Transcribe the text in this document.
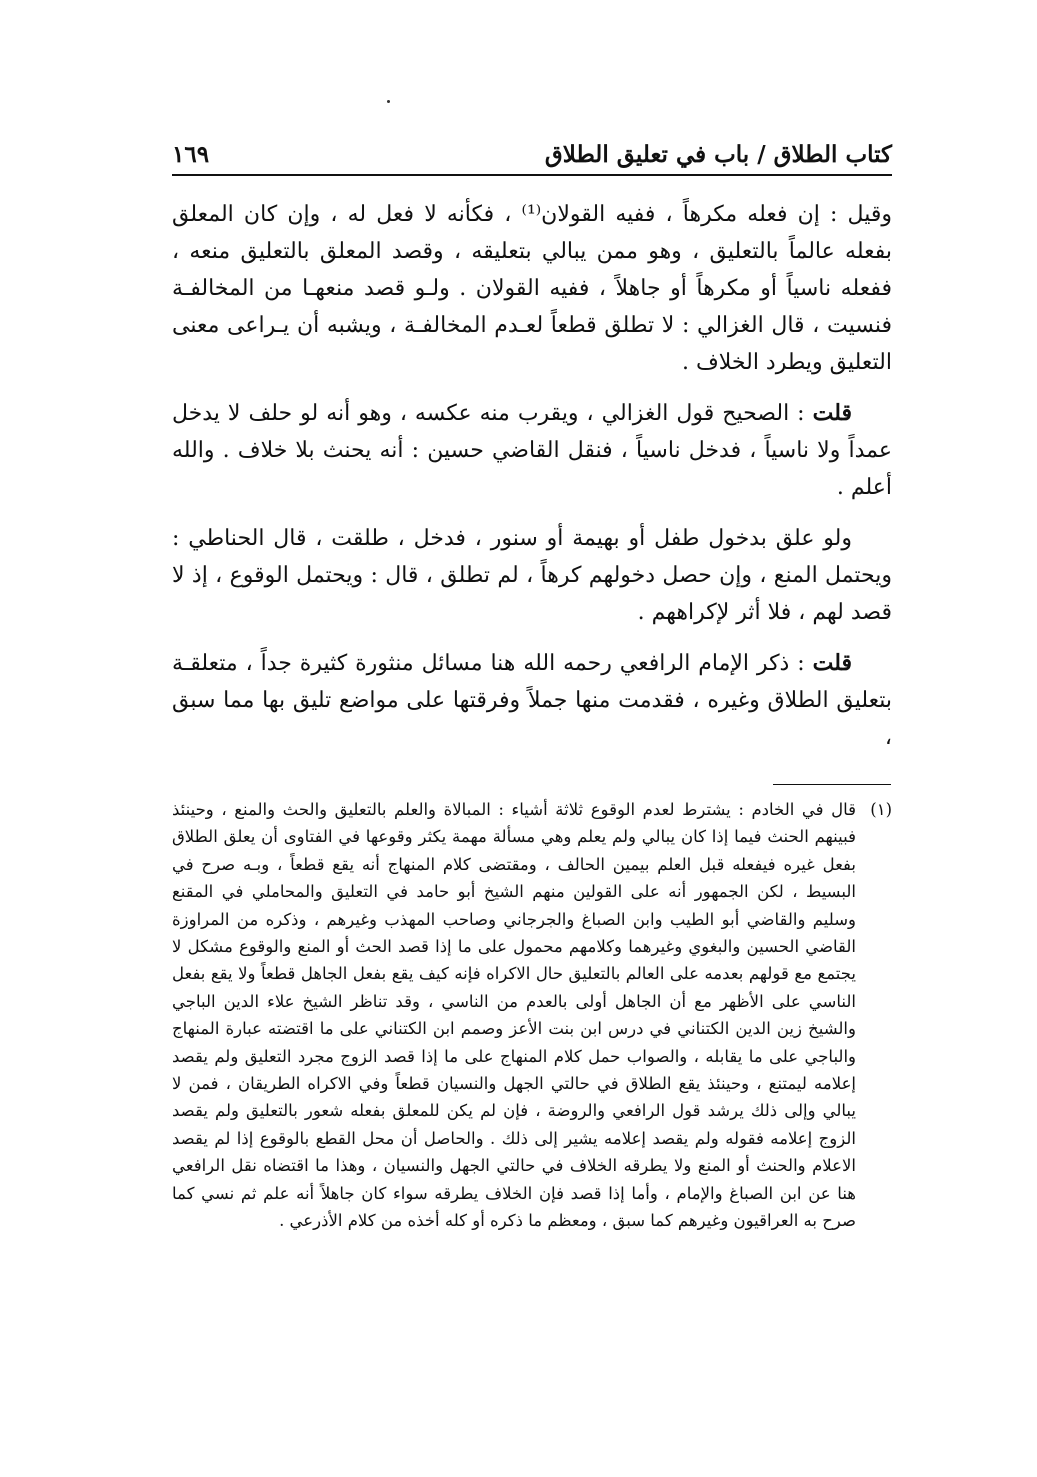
كتاب الطلاق / باب في تعليق الطلاق
١٦٩

وقيل : إن فعله مكرهاً ، ففيه القولان⁽¹⁾ ، فكأنه لا فعل له ، وإن كان المعلق بفعله عالماً بالتعليق ، وهو ممن يبالي بتعليقه ، وقصد المعلق بالتعليق منعه ، ففعله ناسياً أو مكرهاً أو جاهلاً ، ففيه القولان . ولـو قصد منعهـا من المخالفـة فنسيت ، قال الغزالي : لا تطلق قطعاً لعـدم المخالفـة ، ويشبه أن يـراعى معنى التعليق ويطرد الخلاف .

قلت : الصحيح قول الغزالي ، ويقرب منه عكسه ، وهو أنه لو حلف لا يدخل عمداً ولا ناسياً ، فدخل ناسياً ، فنقل القاضي حسين : أنه يحنث بلا خلاف . والله أعلم .

ولو علق بدخول طفل أو بهيمة أو سنور ، فدخل ، طلقت ، قال الحناطي : ويحتمل المنع ، وإن حصل دخولهم كرهاً ، لم تطلق ، قال : ويحتمل الوقوع ، إذ لا قصد لهم ، فلا أثر لإكراههم .

قلت : ذكر الإمام الرافعي رحمه الله هنا مسائل منثورة كثيرة جداً ، متعلقـة بتعليق الطلاق وغيره ، فقدمت منها جملاً وفرقتها على مواضع تليق بها مما سبق ،

(١)قال في الخادم : يشترط لعدم الوقوع ثلاثة أشياء : المبالاة والعلم بالتعليق والحث والمنع ، وحينئذ فبينهم الحنث فيما إذا كان يبالي ولم يعلم وهي مسألة مهمة يكثر وقوعها في الفتاوى أن يعلق الطلاق بفعل غيره فيفعله قبل العلم بيمين الحالف ، ومقتضى كلام المنهاج أنه يقع قطعاً ، وبـه صرح في البسيط ، لكن الجمهور أنه على القولين منهم الشيخ أبو حامد في التعليق والمحاملي في المقنع وسليم والقاضي أبو الطيب وابن الصباغ والجرجاني وصاحب المهذب وغيرهم ، وذكره من المراوزة القاضي الحسين والبغوي وغيرهما وكلامهم محمول على ما إذا قصد الحث أو المنع والوقوع مشكل لا يجتمع مع قولهم بعدمه على العالم بالتعليق حال الاكراه فإنه كيف يقع بفعل الجاهل قطعاً ولا يقع بفعل الناسي على الأظهر مع أن الجاهل أولى بالعدم من الناسي ، وقد تناظر الشيخ علاء الدين الباجي والشيخ زين الدين الكتناني في درس ابن بنت الأعز وصمم ابن الكتناني على ما اقتضته عبارة المنهاج والباجي على ما يقابله ، والصواب حمل كلام المنهاج على ما إذا قصد الزوج مجرد التعليق ولم يقصد إعلامه ليمتنع ، وحينئذ يقع الطلاق في حالتي الجهل والنسيان قطعاً وفي الاكراه الطريقان ، فمن لا يبالي وإلى ذلك يرشد قول الرافعي والروضة ، فإن لم يكن للمعلق بفعله شعور بالتعليق ولم يقصد الزوج إعلامه فقوله ولم يقصد إعلامه يشير إلى ذلك . والحاصل أن محل القطع بالوقوع إذا لم يقصد الاعلام والحنث أو المنع ولا يطرقه الخلاف في حالتي الجهل والنسيان ، وهذا ما اقتضاه نقل الرافعي هنا عن ابن الصباغ والإمام ، وأما إذا قصد فإن الخلاف يطرقه سواء كان جاهلاً أنه علم ثم نسي كما صرح به العراقيون وغيرهم كما سبق ، ومعظم ما ذكره أو كله أخذه من كلام الأذرعي .
